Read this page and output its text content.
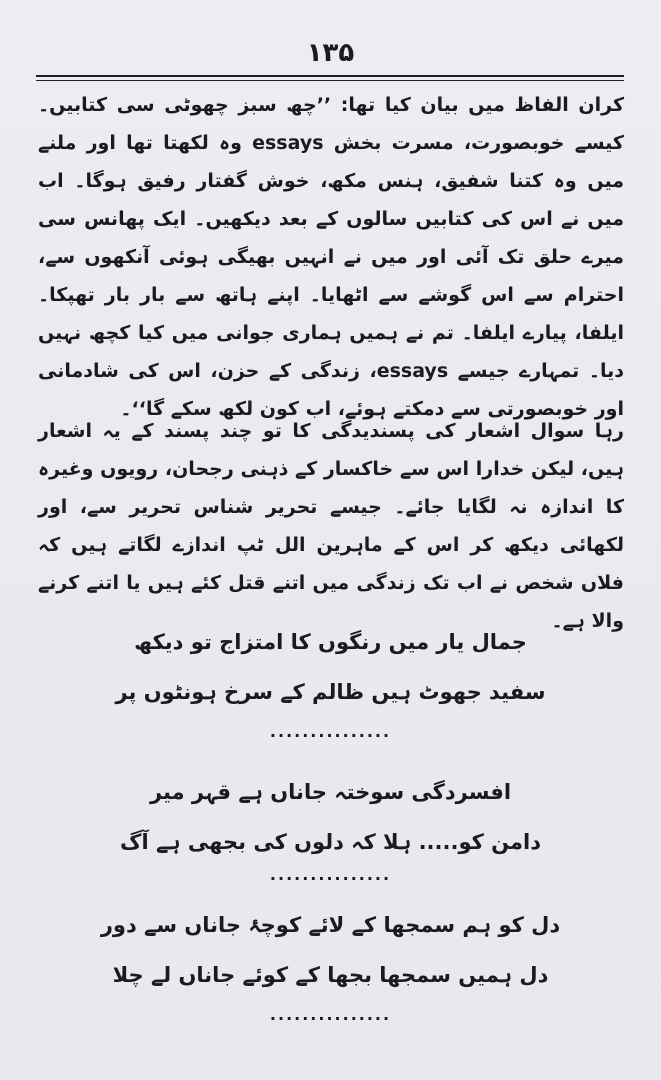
۱۳۵

کران الفاظ میں بیان کیا تھا: ’’چھ سبز چھوٹی سی کتابیں۔ کیسے خوبصورت، مسرت بخش essays وہ لکھتا تھا اور ملنے میں وہ کتنا شفیق، ہنس مکھ، خوش گفتار رفیق ہوگا۔ اب میں نے اس کی کتابیں سالوں کے بعد دیکھیں۔ ایک پھانس سی میرے حلق تک آئی اور میں نے انہیں بھیگی ہوئی آنکھوں سے، احترام سے اس گوشے سے اٹھایا۔ اپنے ہاتھ سے بار بار تھپکا۔ ایلفا، پیارے ایلفا۔ تم نے ہمیں ہماری جوانی میں کیا کچھ نہیں دیا۔ تمہارے جیسے essays، زندگی کے حزن، اس کی شادمانی اور خوبصورتی سے دمکتے ہوئے، اب کون لکھ سکے گا‘‘۔

رہا سوال اشعار کی پسندیدگی کا تو چند پسند کے یہ اشعار ہیں، لیکن خدارا اس سے خاکسار کے ذہنی رجحان، رویوں وغیرہ کا اندازہ نہ لگایا جائے۔ جیسے تحریر شناس تحریر سے، اور لکھائی دیکھ کر اس کے ماہرین الل ٹپ اندازے لگاتے ہیں کہ فلاں شخص نے اب تک زندگی میں اتنے قتل کئے ہیں یا اتنے کرنے والا ہے۔

جمال یار میں رنگوں کا امتزاج تو دیکھ
سفید جھوٹ ہیں ظالم کے سرخ ہونٹوں پر
...............
افسردگی سوختہ جاناں ہے قہر میر
دامن کو..... ہلا کہ دلوں کی بجھی ہے آگ
...............
دل کو ہم سمجھا کے لائے کوچۂ جاناں سے دور
دل ہمیں سمجھا بجھا کے کوئے جاناں لے چلا
...............
